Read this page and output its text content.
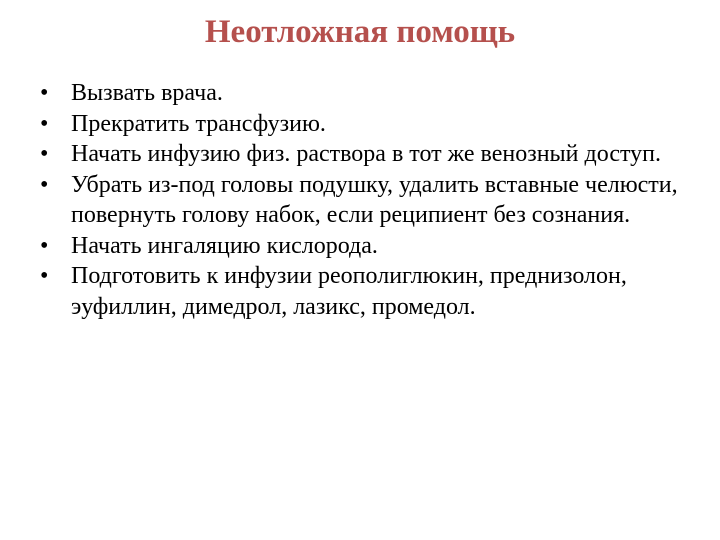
Неотложная помощь
• Вызвать врача.
• Прекратить трансфузию.
• Начать инфузию физ. раствора в тот же венозный доступ.
• Убрать из-под головы подушку, удалить вставные челюсти, повернуть голову набок, если реципиент без сознания.
• Начать ингаляцию кислорода.
• Подготовить к инфузии реополиглюкин, преднизолон, эуфиллин, димедрол, лазикс, промедол.
